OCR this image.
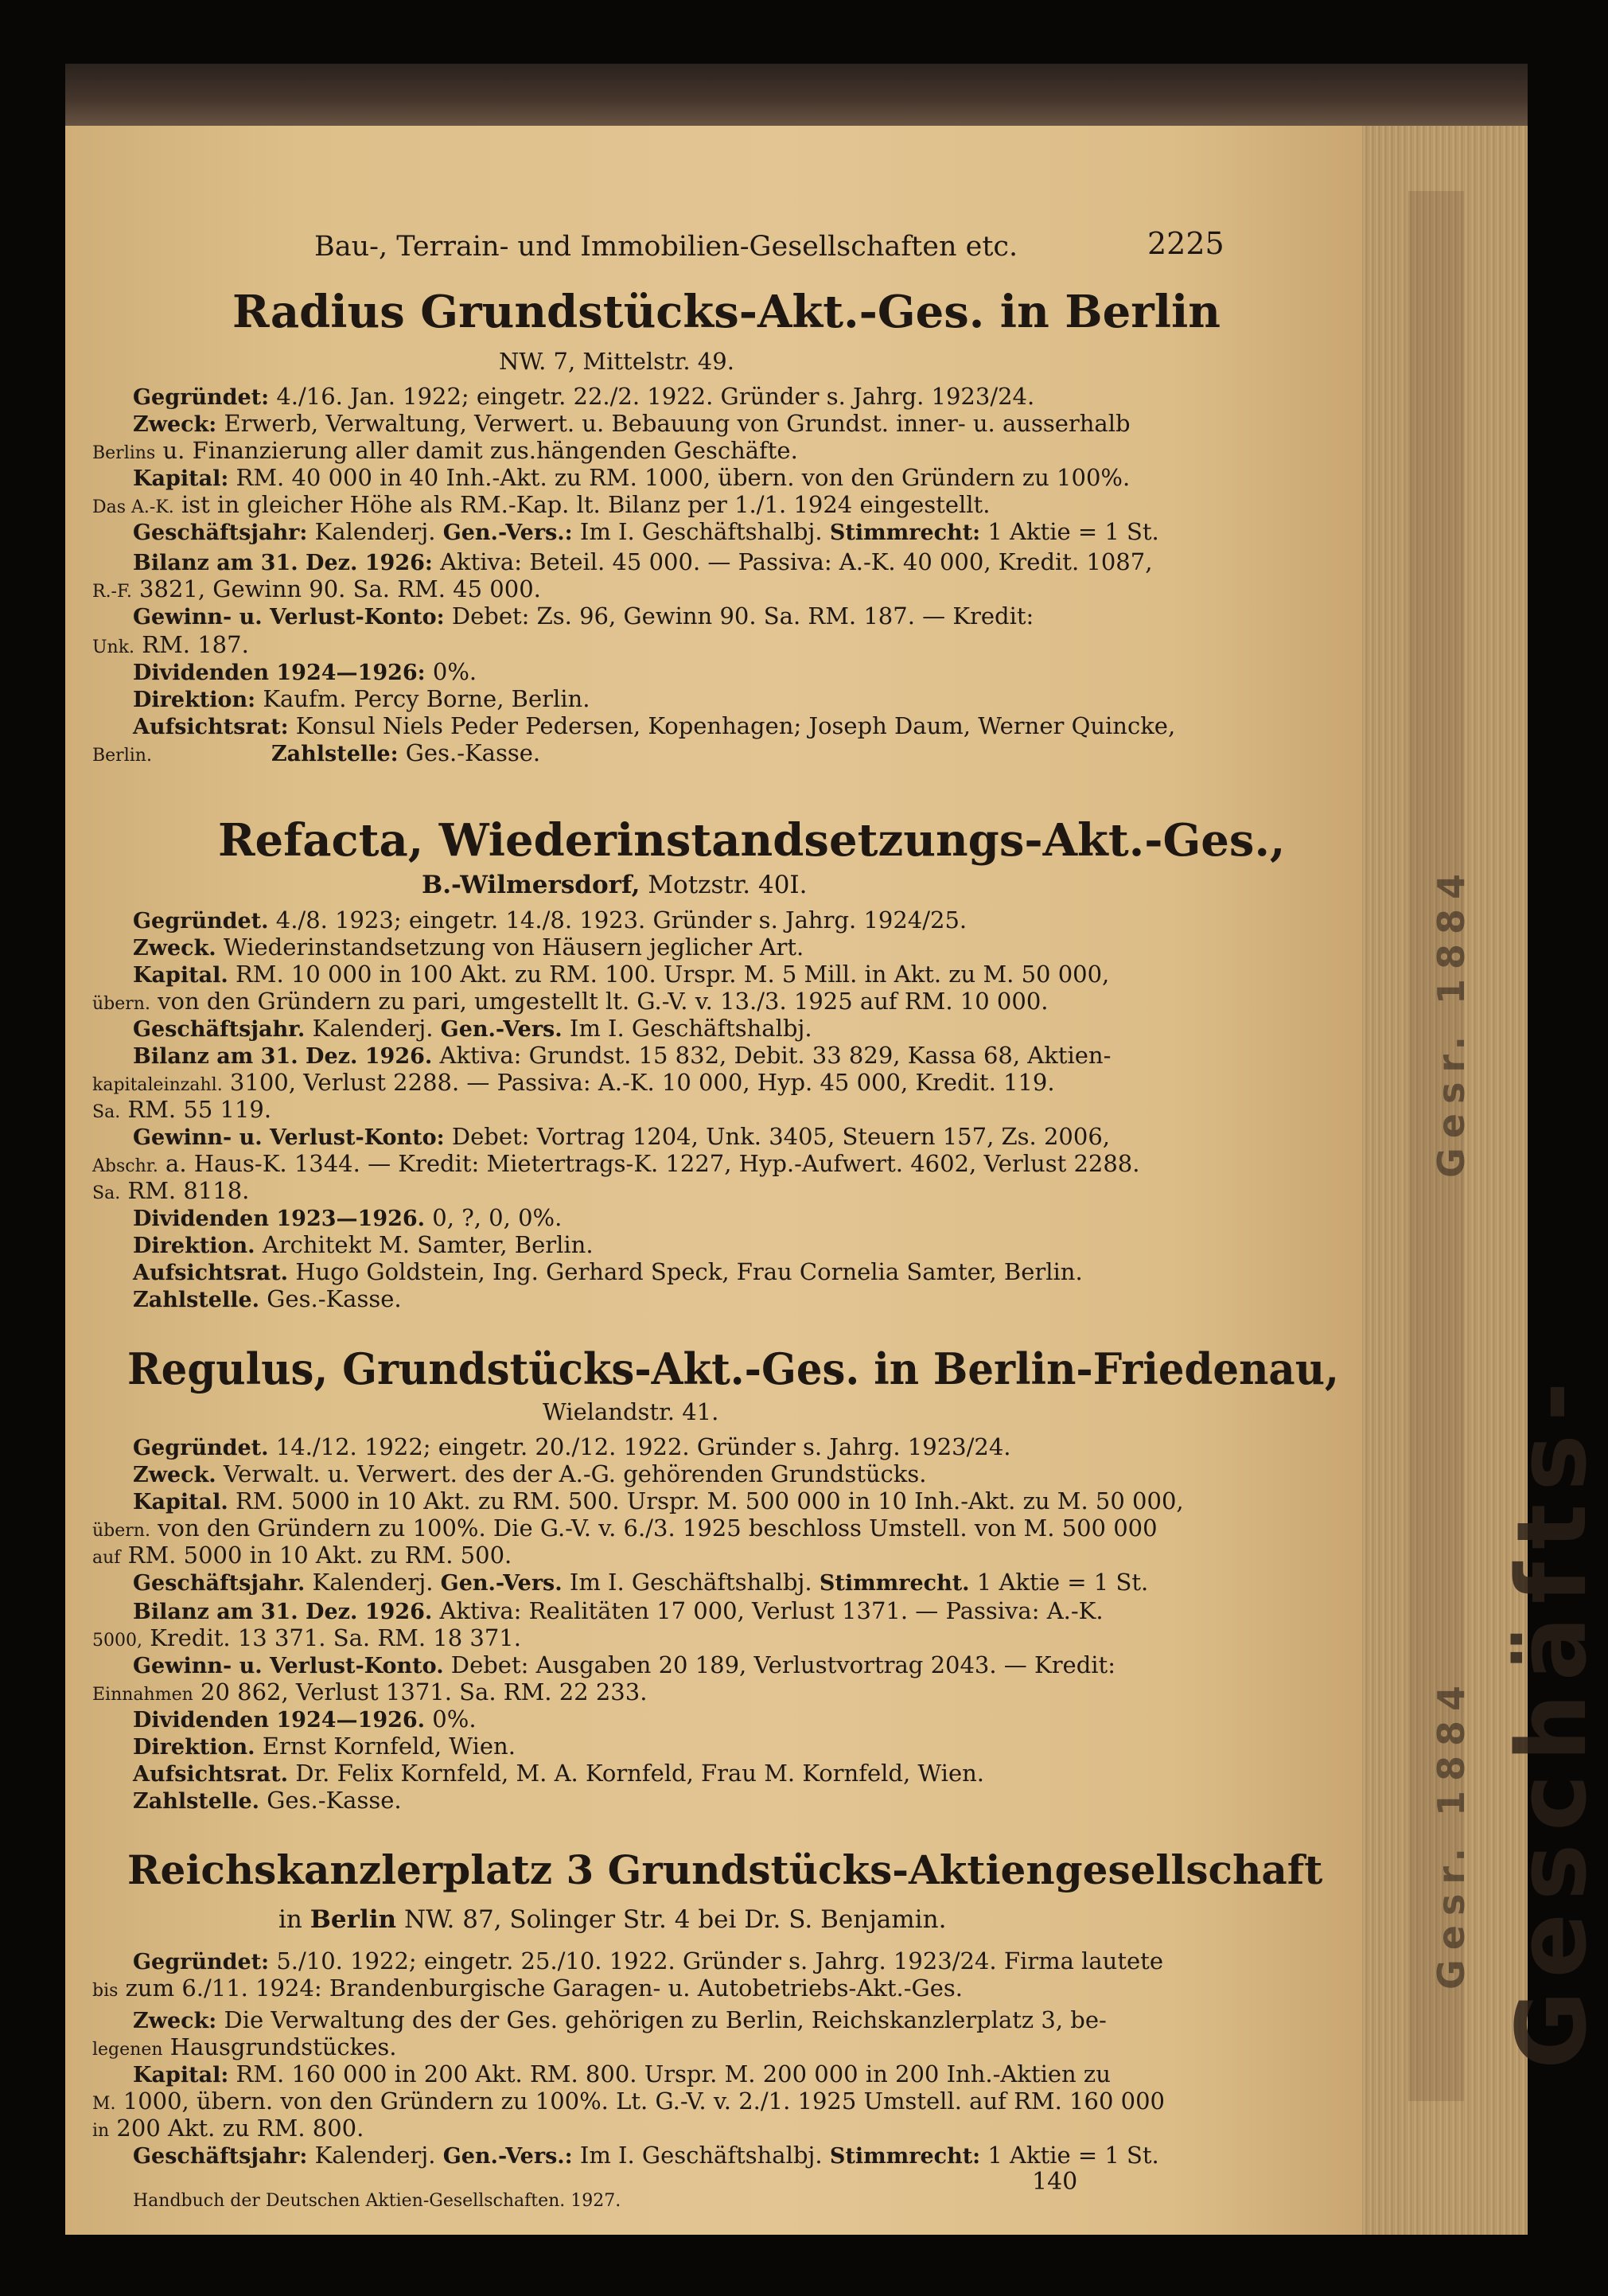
Geschäfts-
Gesr. 1884
Gesr. 1884
Bau-, Terrain- und Immobilien-Gesellschaften etc.	2225
Radius Grundstücks-Akt.-Ges. in Berlin
NW. 7, Mittelstr. 49.
Gegründet: 4./16. Jan. 1922; eingetr. 22./2. 1922. Gründer s. Jahrg. 1923/24.
Zweck: Erwerb, Verwaltung, Verwert. u. Bebauung von Grundst. inner- u. ausserhalb
Berlins u. Finanzierung aller damit zus.hängenden Geschäfte.
Kapital: RM. 40 000 in 40 Inh.-Akt. zu RM. 1000, übern. von den Gründern zu 100%.
Das A.-K. ist in gleicher Höhe als RM.-Kap. lt. Bilanz per 1./1. 1924 eingestellt.
Geschäftsjahr: Kalenderj. Gen.-Vers.: Im I. Geschäftshalbj. Stimmrecht: 1 Aktie = 1 St.
Bilanz am 31. Dez. 1926: Aktiva: Beteil. 45 000. — Passiva: A.-K. 40 000, Kredit. 1087,
R.-F. 3821, Gewinn 90. Sa. RM. 45 000.
Gewinn- u. Verlust-Konto: Debet: Zs. 96, Gewinn 90. Sa. RM. 187. — Kredit:
Unk. RM. 187.
Dividenden 1924—1926: 0%.
Direktion: Kaufm. Percy Borne, Berlin.
Aufsichtsrat: Konsul Niels Peder Pedersen, Kopenhagen; Joseph Daum, Werner Quincke,
Berlin.	Zahlstelle: Ges.-Kasse.
Refacta, Wiederinstandsetzungs-Akt.-Ges.,
B.-Wilmersdorf, Motzstr. 40I.
Gegründet. 4./8. 1923; eingetr. 14./8. 1923. Gründer s. Jahrg. 1924/25.
Zweck. Wiederinstandsetzung von Häusern jeglicher Art.
Kapital. RM. 10 000 in 100 Akt. zu RM. 100. Urspr. M. 5 Mill. in Akt. zu M. 50 000,
übern. von den Gründern zu pari, umgestellt lt. G.-V. v. 13./3. 1925 auf RM. 10 000.
Geschäftsjahr. Kalenderj. Gen.-Vers. Im I. Geschäftshalbj.
Bilanz am 31. Dez. 1926. Aktiva: Grundst. 15 832, Debit. 33 829, Kassa 68, Aktien-
kapitaleinzahl. 3100, Verlust 2288. — Passiva: A.-K. 10 000, Hyp. 45 000, Kredit. 119.
Sa. RM. 55 119.
Gewinn- u. Verlust-Konto: Debet: Vortrag 1204, Unk. 3405, Steuern 157, Zs. 2006,
Abschr. a. Haus-K. 1344. — Kredit: Mietertrags-K. 1227, Hyp.-Aufwert. 4602, Verlust 2288.
Sa. RM. 8118.
Dividenden 1923—1926. 0, ?, 0, 0%.
Direktion. Architekt M. Samter, Berlin.
Aufsichtsrat. Hugo Goldstein, Ing. Gerhard Speck, Frau Cornelia Samter, Berlin.
Zahlstelle. Ges.-Kasse.
Regulus, Grundstücks-Akt.-Ges. in Berlin-Friedenau,
Wielandstr. 41.
Gegründet. 14./12. 1922; eingetr. 20./12. 1922. Gründer s. Jahrg. 1923/24.
Zweck. Verwalt. u. Verwert. des der A.-G. gehörenden Grundstücks.
Kapital. RM. 5000 in 10 Akt. zu RM. 500. Urspr. M. 500 000 in 10 Inh.-Akt. zu M. 50 000,
übern. von den Gründern zu 100%. Die G.-V. v. 6./3. 1925 beschloss Umstell. von M. 500 000
auf RM. 5000 in 10 Akt. zu RM. 500.
Geschäftsjahr. Kalenderj. Gen.-Vers. Im I. Geschäftshalbj. Stimmrecht. 1 Aktie = 1 St.
Bilanz am 31. Dez. 1926. Aktiva: Realitäten 17 000, Verlust 1371. — Passiva: A.-K.
5000, Kredit. 13 371. Sa. RM. 18 371.
Gewinn- u. Verlust-Konto. Debet: Ausgaben 20 189, Verlustvortrag 2043. — Kredit:
Einnahmen 20 862, Verlust 1371. Sa. RM. 22 233.
Dividenden 1924—1926. 0%.
Direktion. Ernst Kornfeld, Wien.
Aufsichtsrat. Dr. Felix Kornfeld, M. A. Kornfeld, Frau M. Kornfeld, Wien.
Zahlstelle. Ges.-Kasse.
Reichskanzlerplatz 3 Grundstücks-Aktiengesellschaft
in Berlin NW. 87, Solinger Str. 4 bei Dr. S. Benjamin.
Gegründet: 5./10. 1922; eingetr. 25./10. 1922. Gründer s. Jahrg. 1923/24. Firma lautete
bis zum 6./11. 1924: Brandenburgische Garagen- u. Autobetriebs-Akt.-Ges.
Zweck: Die Verwaltung des der Ges. gehörigen zu Berlin, Reichskanzlerplatz 3, be-
legenen Hausgrundstückes.
Kapital: RM. 160 000 in 200 Akt. RM. 800. Urspr. M. 200 000 in 200 Inh.-Aktien zu
M. 1000, übern. von den Gründern zu 100%. Lt. G.-V. v. 2./1. 1925 Umstell. auf RM. 160 000
in 200 Akt. zu RM. 800.
Geschäftsjahr: Kalenderj. Gen.-Vers.: Im I. Geschäftshalbj. Stimmrecht: 1 Aktie = 1 St.
Handbuch der Deutschen Aktien-Gesellschaften. 1927.
140
